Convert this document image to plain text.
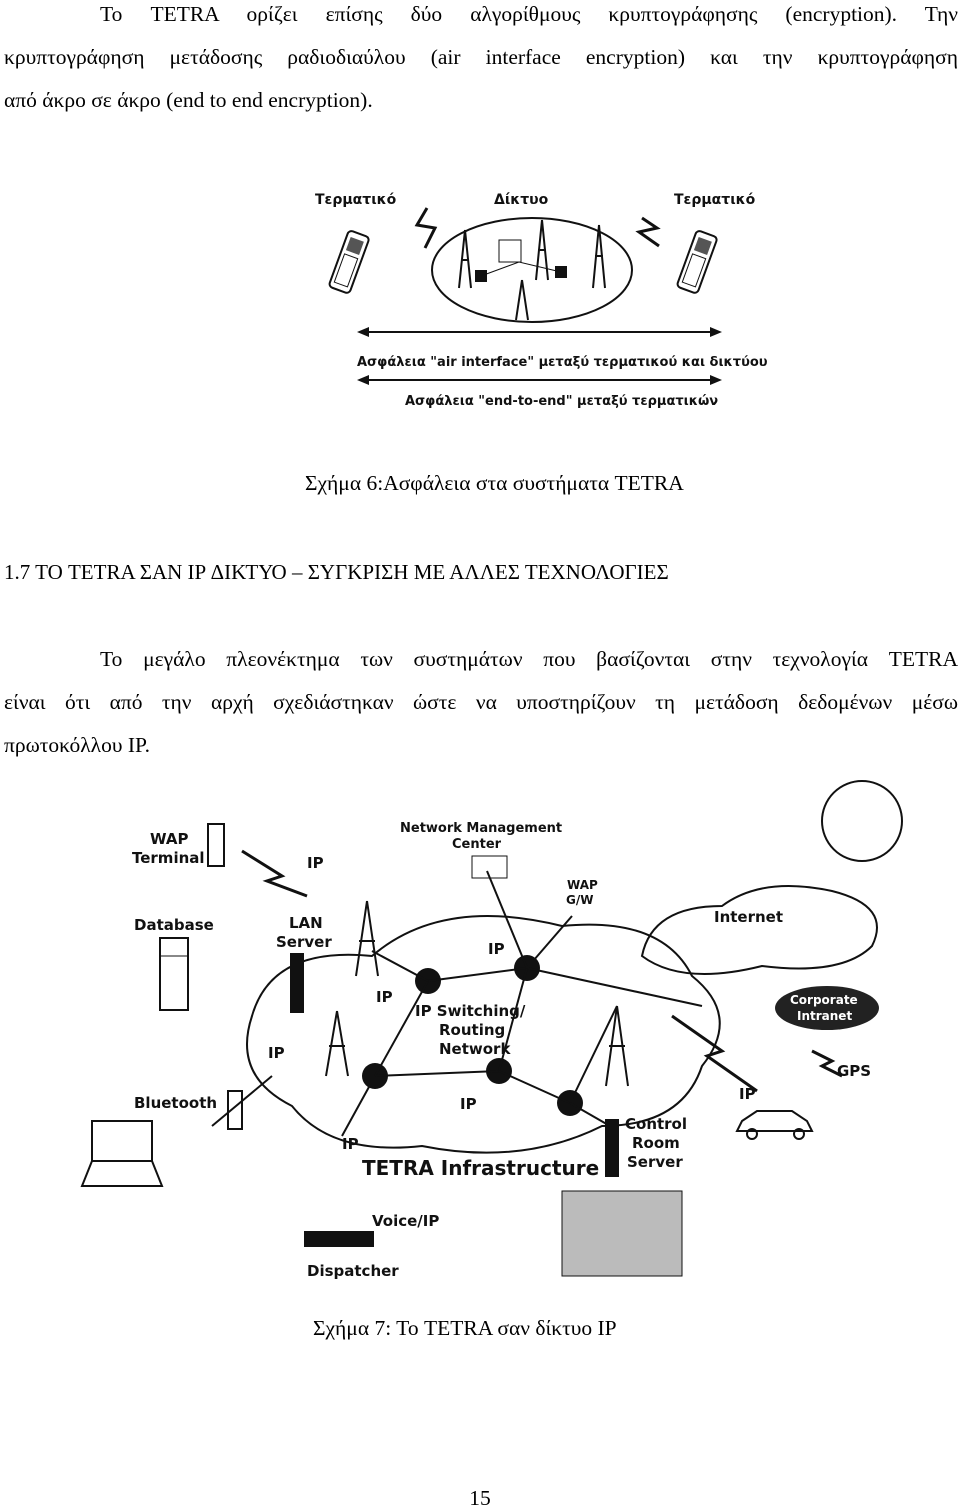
Το TETRA ορίζει επίσης δύο αλγορίθμους κρυπτογράφησης (encryption). Την
κρυπτογράφηση μετάδοσης ραδιοδιαύλου (air interface encryption) και την κρυπτογράφηση
από άκρο σε άκρο (end to end encryption).
Τερματικό	Δίκτυο	Τερματικό
Ασφάλεια "air interface" μεταξύ τερματικού και δικτύου
Ασφάλεια "end-to-end" μεταξύ τερματικών
Σχήμα 6:Ασφάλεια στα συστήματα TETRA
1.7 ΤΟ TETRA ΣΑΝ IP ΔΙΚΤΥΟ – ΣΥΓΚΡΙΣΗ ΜΕ ΑΛΛΕΣ ΤΕΧΝΟΛΟΓΙΕΣ
Το μεγάλο πλεονέκτημα των συστημάτων που βασίζονται στην τεχνολογία TETRA
είναι ότι από την αρχή σχεδιάστηκαν ώστε να υποστηρίζουν τη μετάδοση δεδομένων μέσω
πρωτοκόλλου IP.
WAP Terminal
Network Management Center
WAP G/W
Internet
Database	LAN Server
IP
IP
IP
IP
IP
IP
IP
IP Switching/ Routing Network
Corporate Intranet
GPS
Bluetooth
Control Room Server
TETRA Infrastructure
Voice/IP
Dispatcher
Σχήμα 7: Το TETRA σαν δίκτυο IP
15
